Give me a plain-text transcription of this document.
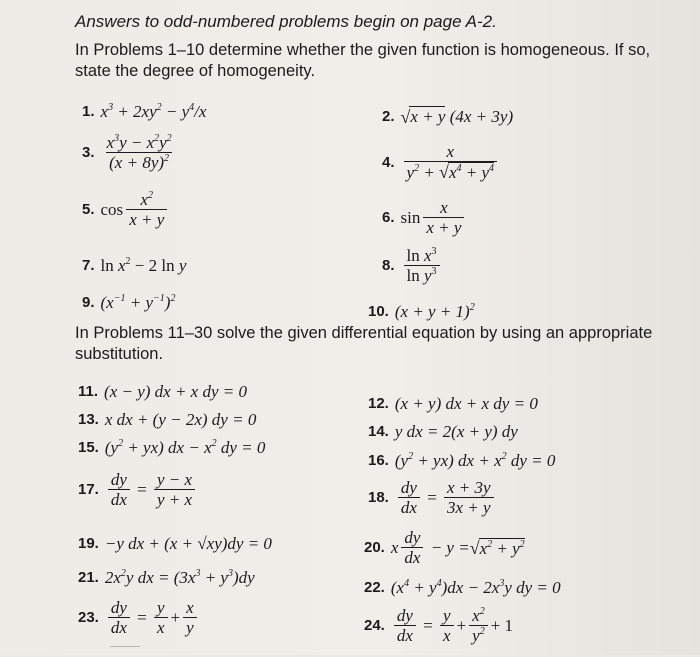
Answers to odd-numbered problems begin on page A-2.
In Problems 1–10 determine whether the given function is homogeneous. If so, state the degree of homogeneity.
1. $x^3 + 2xy^2 - y^4/x$	2. √ x + y (4x + 3y)
3. $\frac{x^3y - x^2y^2}{(x + 8y)^2}$	4. $\frac{x}{y^2 + √x^4 + y^4}$
5. $\cos \frac{x^2}{x + y}$	6. $\sin \frac{x}{x + y}$
7. $\ln x^2 - 2$ ln y	8. $\frac{\ln x^3}{\ln y^3}$
9. $(x^{-1} + y^{-1})^2$
10. $(x + y + 1)^2$
In Problems 11–30 solve the given differential equation by using an appropriate substitution.
11. (x − y) dx + x dy = 0
12. (x + y) dx + x dy = 0
13. x dx + (y − 2x) dy = 0
14. y dx = 2(x + y) dy
15. $(y^2 + yx)$ dx − $x^2$ dy = 0
16. $(y^2 + yx)$ dx + $x^2$ dy = 0
17. $\frac{dy}{dx} = \frac{y - x}{y + x}$	18. $\frac{dy}{dx} = \frac{x + 3y}{3x + y}$
19. −y dx + (x + √xy)dy = 0	20. x $\frac{dy}{dx} - y$ = √ $x^2 + y^2$
21. $2x^2y$ dx = $(3x^3 + y^3)dy$
22. $(x^4 + y^4)dx - 2x^3y$ dy = 0
23. $\frac{dy}{dx} = \frac{y}{x} + \frac{x}{y}$	24. $\frac{dy}{dx} = \frac{y}{x} + \frac{x^2}{y^2} + 1$
